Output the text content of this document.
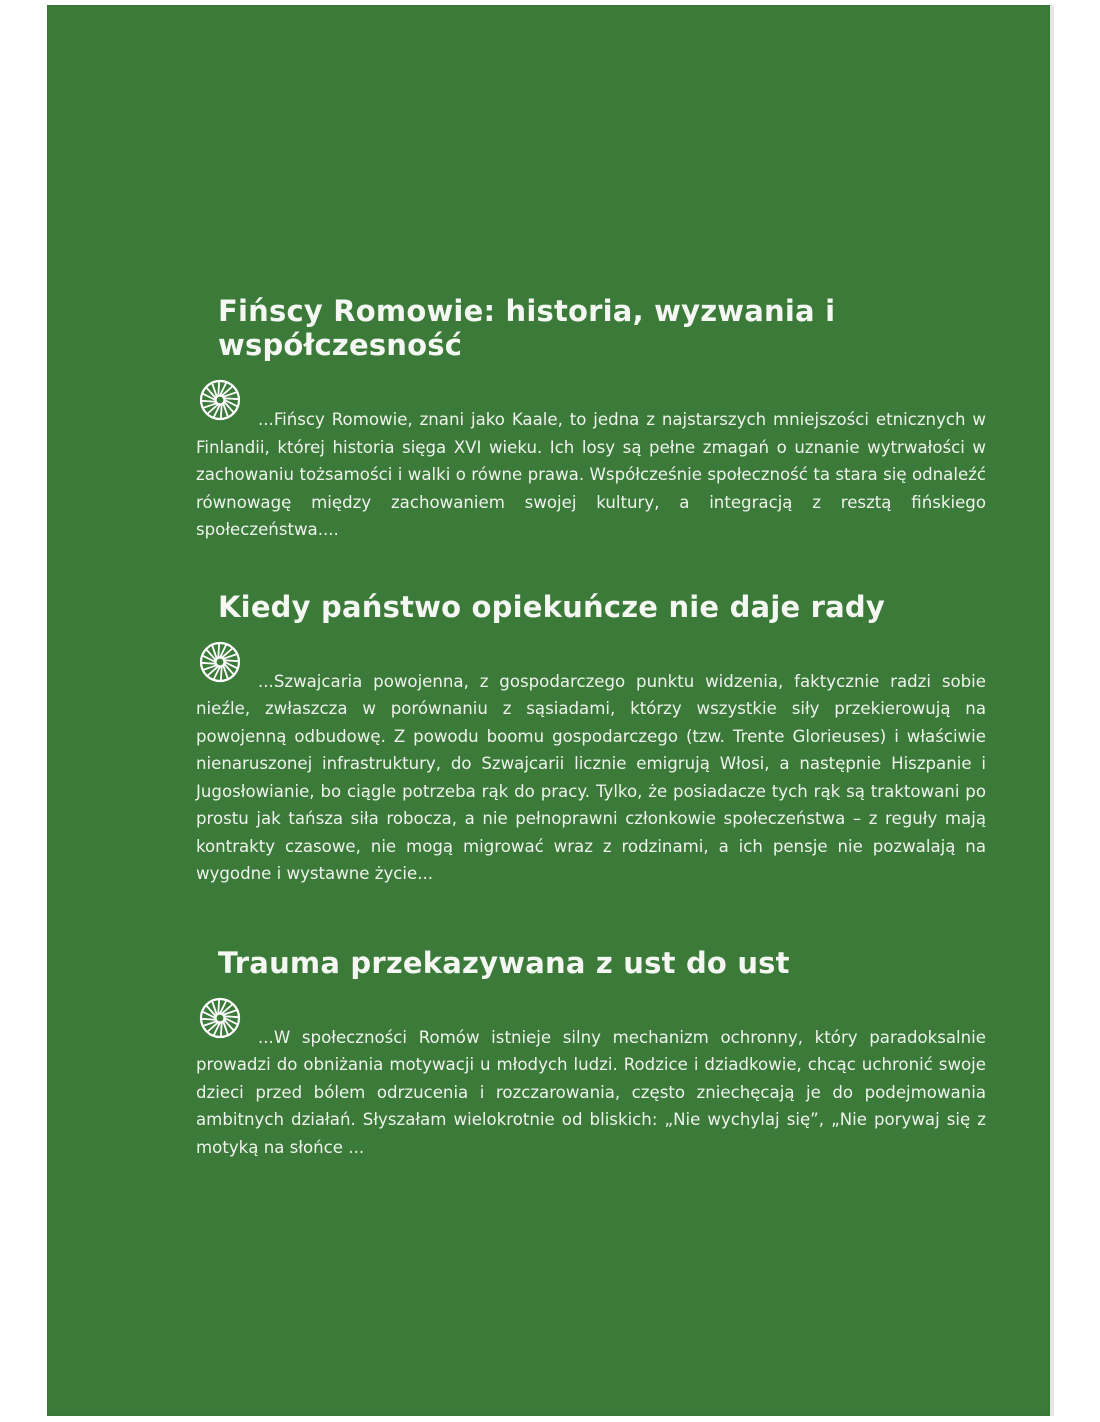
Fińscy Romowie: historia, wyzwania i współczesność

...Fińscy Romowie, znani jako Kaale, to jedna z najstarszych mniejszości etnicznych w Finlandii, której historia sięga XVI wieku. Ich losy są pełne zmagań o uznanie wytrwałości w zachowaniu tożsamości i walki o równe prawa. Współcześnie społeczność ta stara się odnaleźć równowagę między zachowaniem swojej kultury, a integracją z resztą fińskiego społeczeństwa....

Kiedy państwo opiekuńcze nie daje rady

...Szwajcaria powojenna, z gospodarczego punktu widzenia, faktycznie radzi sobie nieźle, zwłaszcza w porównaniu z sąsiadami, którzy wszystkie siły przekierowują na powojenną odbudowę. Z powodu boomu gospodarczego (tzw. Trente Glorieuses) i właściwie nienaruszonej infrastruktury, do Szwajcarii licznie emigrują Włosi, a następnie Hiszpanie i Jugosłowianie, bo ciągle potrzeba rąk do pracy. Tylko, że posiadacze tych rąk są traktowani po prostu jak tańsza siła robocza, a nie pełnoprawni członkowie społeczeństwa – z reguły mają kontrakty czasowe, nie mogą migrować wraz z rodzinami, a ich pensje nie pozwalają na wygodne i wystawne życie...

Trauma przekazywana z ust do ust

...W społeczności Romów istnieje silny mechanizm ochronny, który paradoksalnie prowadzi do obniżania motywacji u młodych ludzi. Rodzice i dziadkowie, chcąc uchronić swoje dzieci przed bólem odrzucenia i rozczarowania, często zniechęcają je do podejmowania ambitnych działań. Słyszałam wielokrotnie od bliskich: „Nie wychylaj się”, „Nie porywaj się z motyką na słońce ...
